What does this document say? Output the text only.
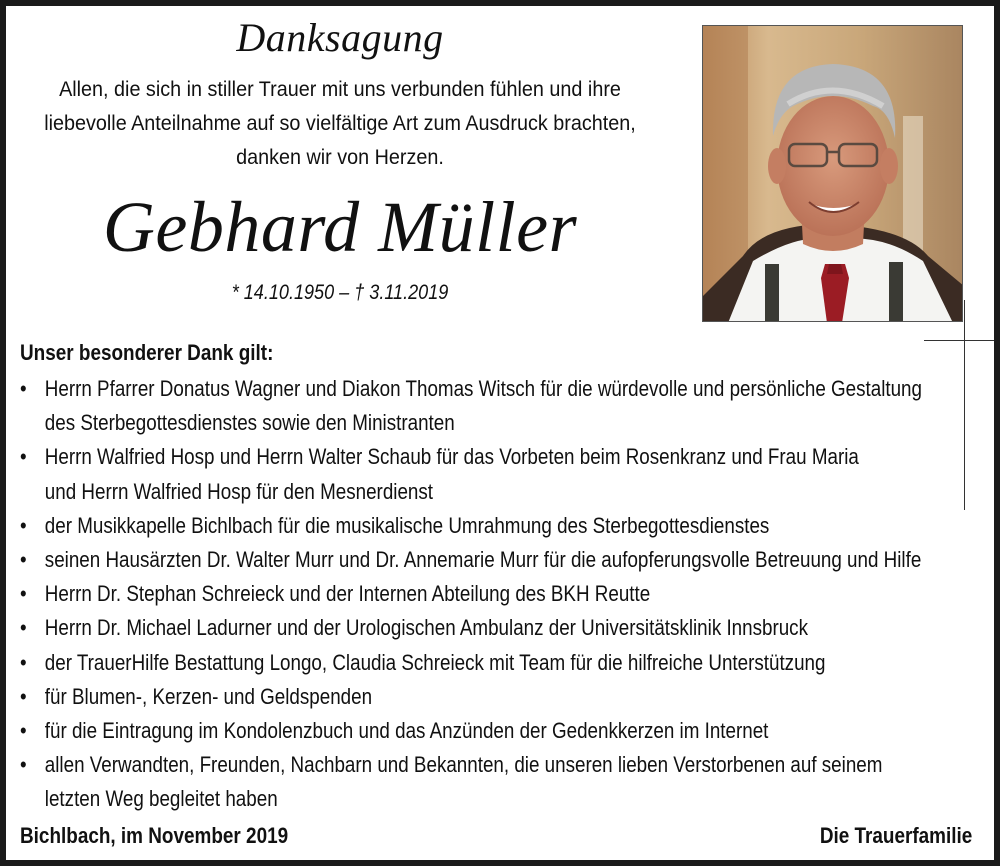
Danksagung
Allen, die sich in stiller Trauer mit uns verbunden fühlen und ihre
liebevolle Anteilnahme auf so vielfältige Art zum Ausdruck brachten,
danken wir von Herzen.
Gebhard Müller
* 14.10.1950 – † 3.11.2019
Unser besonderer Dank gilt:
• Herrn Pfarrer Donatus Wagner und Diakon Thomas Witsch für die würdevolle und persönliche Gestaltung
des Sterbegottesdienstes sowie den Ministranten
• Herrn Walfried Hosp und Herrn Walter Schaub für das Vorbeten beim Rosenkranz und Frau Maria
und Herrn Walfried Hosp für den Mesnerdienst
• der Musikkapelle Bichlbach für die musikalische Umrahmung des Sterbegottesdienstes
• seinen Hausärzten Dr. Walter Murr und Dr. Annemarie Murr für die aufopferungsvolle Betreuung und Hilfe
• Herrn Dr. Stephan Schreieck und der Internen Abteilung des BKH Reutte
• Herrn Dr. Michael Ladurner und der Urologischen Ambulanz der Universitätsklinik Innsbruck
• der TrauerHilfe Bestattung Longo, Claudia Schreieck mit Team für die hilfreiche Unterstützung
• für Blumen-, Kerzen- und Geldspenden
• für die Eintragung im Kondolenzbuch und das Anzünden der Gedenkkerzen im Internet
• allen Verwandten, Freunden, Nachbarn und Bekannten, die unseren lieben Verstorbenen auf seinem
letzten Weg begleitet haben
Bichlbach, im November 2019	Die Trauerfamilie
